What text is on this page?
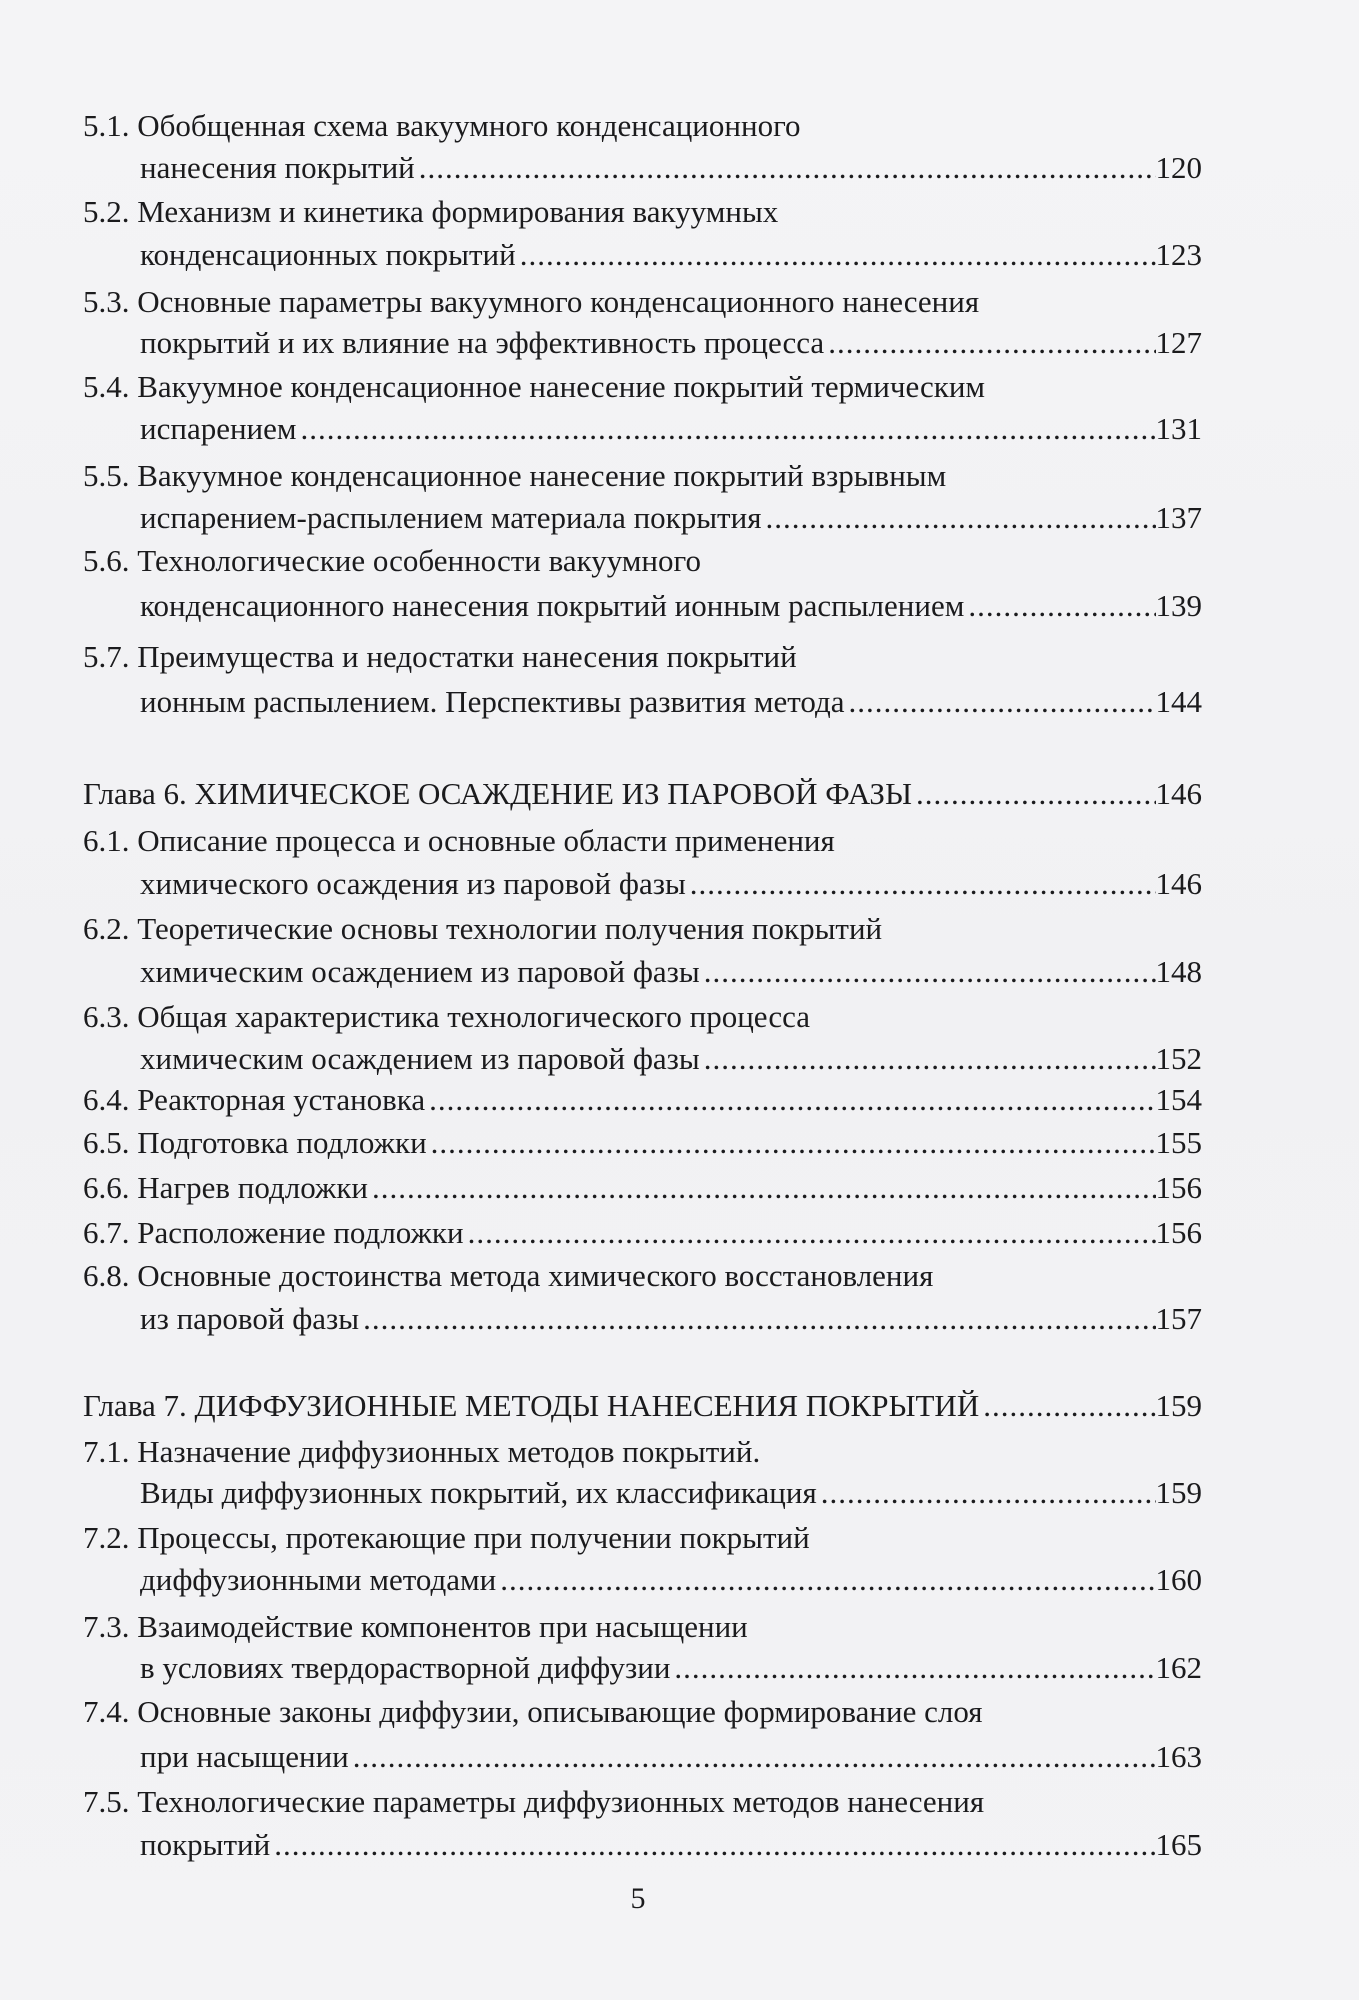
5.1. Обобщенная схема вакуумного конденсационного
нанесения покрытий .....	120
5.2. Механизм и кинетика формирования вакуумных
конденсационных покрытий .....	123
5.3. Основные параметры вакуумного конденсационного нанесения
покрытий и их влияние на эффективность процесса .....	127
5.4. Вакуумное конденсационное нанесение покрытий термическим
испарением .....	131
5.5. Вакуумное конденсационное нанесение покрытий взрывным
испарением-распылением материала покрытия .....	137
5.6. Технологические особенности вакуумного
конденсационного нанесения покрытий ионным распылением .....	139
5.7. Преимущества и недостатки нанесения покрытий
ионным распылением. Перспективы развития метода .....	144
Глава 6. ХИМИЧЕСКОЕ ОСАЖДЕНИЕ ИЗ ПАРОВОЙ ФАЗЫ .....	146
6.1. Описание процесса и основные области применения
химического осаждения из паровой фазы .....	146
6.2. Теоретические основы технологии получения покрытий
химическим осаждением из паровой фазы .....	148
6.3. Общая характеристика технологического процесса
химическим осаждением из паровой фазы .....	152
6.4. Реакторная установка .....	154
6.5. Подготовка подложки .....	155
6.6. Нагрев подложки .....	156
6.7. Расположение подложки .....	156
6.8. Основные достоинства метода химического восстановления
из паровой фазы .....	157
Глава 7. ДИФФУЗИОННЫЕ МЕТОДЫ НАНЕСЕНИЯ ПОКРЫТИЙ .....	159
7.1. Назначение диффузионных методов покрытий.
Виды диффузионных покрытий, их классификация .....	159
7.2. Процессы, протекающие при получении покрытий
диффузионными методами .....	160
7.3. Взаимодействие компонентов при насыщении
в условиях твердорастворной диффузии .....	162
7.4. Основные законы диффузии, описывающие формирование слоя
при насыщении .....	163
7.5. Технологические параметры диффузионных методов нанесения
покрытий .....	165
5
